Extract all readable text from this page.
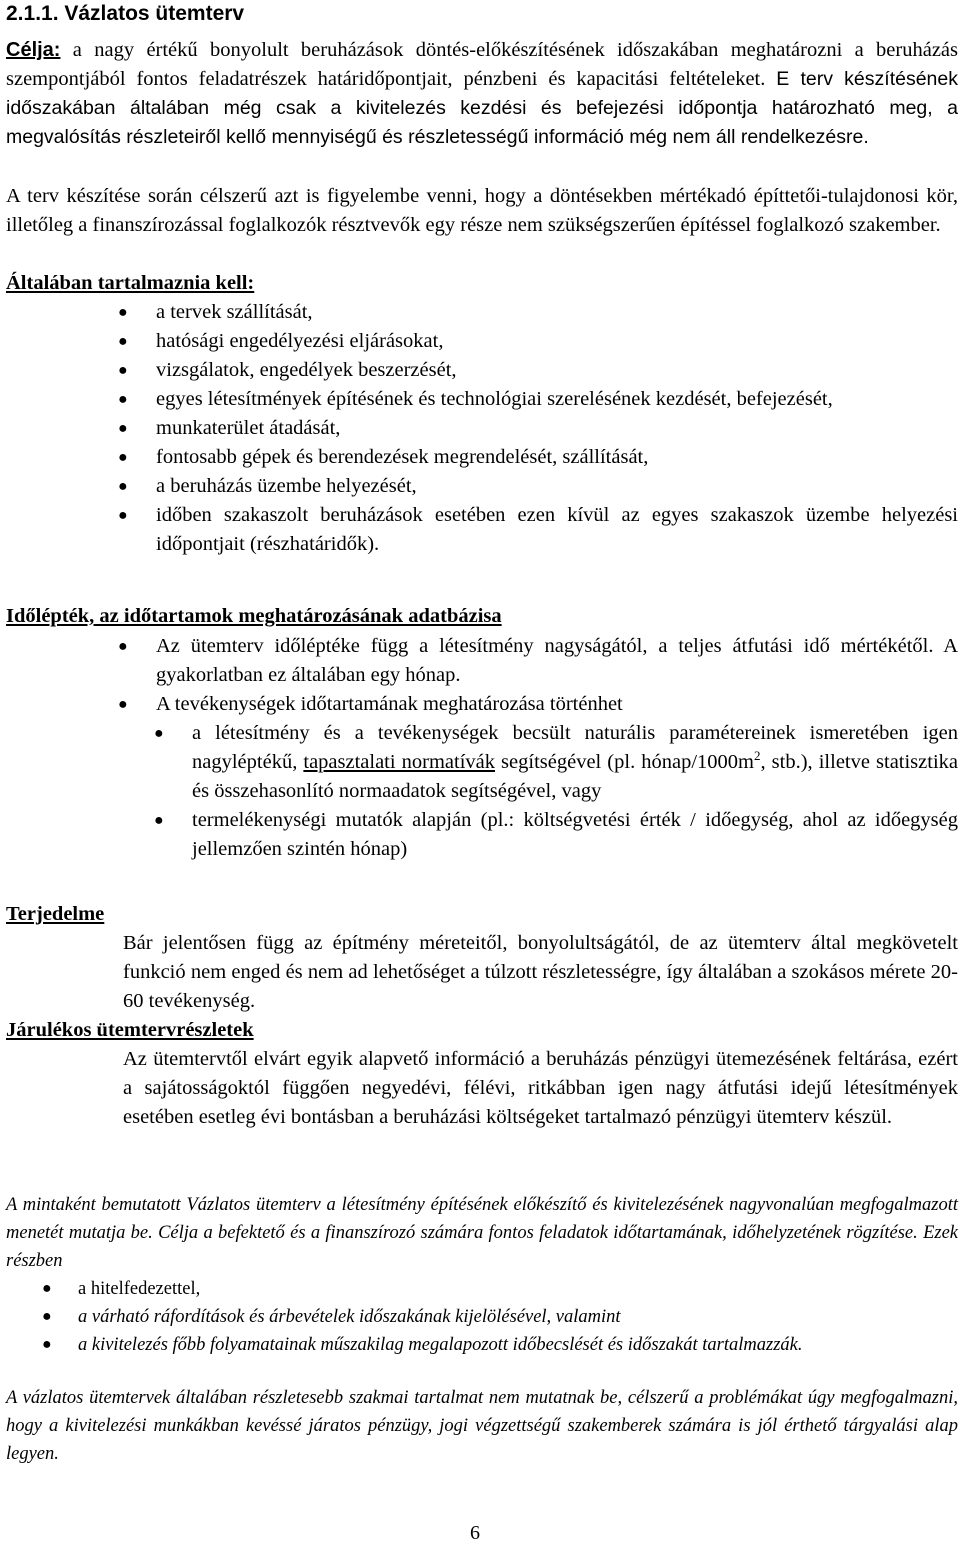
2.1.1. Vázlatos ütemterv
Célja: a nagy értékű bonyolult beruházások döntés-előkészítésének időszakában meghatározni a beruházás szempontjából fontos feladatrészek határidőpontjait, pénzbeni és kapacitási feltételeket. E terv készítésének időszakában általában még csak a kivitelezés kezdési és befejezési időpontja határozható meg, a megvalósítás részleteiről kellő mennyiségű és részletességű információ még nem áll rendelkezésre.
A terv készítése során célszerű azt is figyelembe venni, hogy a döntésekben mértékadó építtetői-tulajdonosi kör, illetőleg a finanszírozással foglalkozók résztvevők egy része nem szükségszerűen építéssel foglalkozó szakember.
Általában tartalmaznia kell:
● a tervek szállítását,
● hatósági engedélyezési eljárásokat,
● vizsgálatok, engedélyek beszerzését,
● egyes létesítmények építésének és technológiai szerelésének kezdését, befejezését,
● munkaterület átadását,
● fontosabb gépek és berendezések megrendelését, szállítását,
● a beruházás üzembe helyezését,
● időben szakaszolt beruházások esetében ezen kívül az egyes szakaszok üzembe helyezési időpontjait (részhatáridők).
Időlépték, az időtartamok meghatározásának adatbázisa
● Az ütemterv időléptéke függ a létesítmény nagyságától, a teljes átfutási idő mértékétől. A gyakorlatban ez általában egy hónap.
● A tevékenységek időtartamának meghatározása történhet
● a létesítmény és a tevékenységek becsült naturális paramétereinek ismeretében igen nagyléptékű, tapasztalati normatívák segítségével (pl. hónap/$1000m^2$, stb.), illetve statisztika és összehasonlító normaadatok segítségével, vagy
● termelékenységi mutatók alapján (pl.: költségvetési érték / időegység, ahol az időegység jellemzően szintén hónap)
Terjedelme
Bár jelentősen függ az építmény méreteitől, bonyolultságától, de az ütemterv által megkövetelt funkció nem enged és nem ad lehetőséget a túlzott részletességre, így általában a szokásos mérete 20-60 tevékenység.
Járulékos ütemtervrészletek
Az ütemtervtől elvárt egyik alapvető információ a beruházás pénzügyi ütemezésének feltárása, ezért a sajátosságoktól függően negyedévi, félévi, ritkábban igen nagy átfutási idejű létesítmények esetében esetleg évi bontásban a beruházási költségeket tartalmazó pénzügyi ütemterv készül.
A mintaként bemutatott Vázlatos ütemterv a létesítmény építésének előkészítő és kivitelezésének nagyvonalúan megfogalmazott menetét mutatja be. Célja a befektető és a finanszírozó számára fontos feladatok időtartamának, időhelyzetének rögzítése. Ezek részben
● a hitelfedezettel,
● a várható ráfordítások és árbevételek időszakának kijelölésével, valamint
● a kivitelezés főbb folyamatainak műszakilag megalapozott időbecslését és időszakát tartalmazzák.
A vázlatos ütemtervek általában részletesebb szakmai tartalmat nem mutatnak be, célszerű a problémákat úgy megfogalmazni, hogy a kivitelezési munkákban kevéssé járatos pénzügy, jogi végzettségű szakemberek számára is jól érthető tárgyalási alap legyen.
6
